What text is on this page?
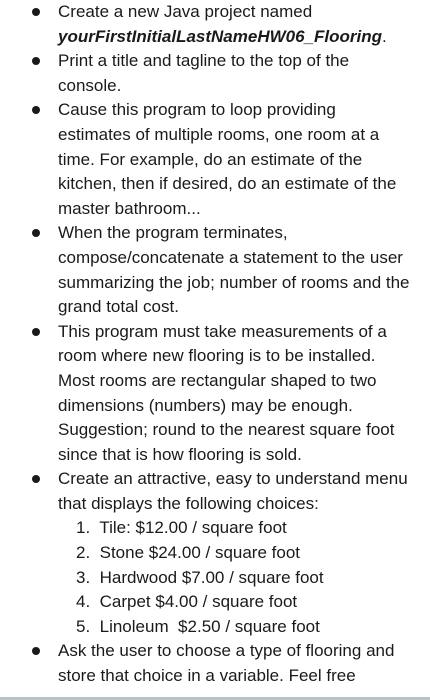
Create a new Java project named yourFirstInitialLastNameHW06_Flooring.
Print a title and tagline to the top of the console.
Cause this program to loop providing estimates of multiple rooms, one room at a time. For example, do an estimate of the kitchen, then if desired, do an estimate of the master bathroom...
When the program terminates, compose/concatenate a statement to the user summarizing the job; number of rooms and the grand total cost.
This program must take measurements of a room where new flooring is to be installed. Most rooms are rectangular shaped to two dimensions (numbers) may be enough. Suggestion; round to the nearest square foot since that is how flooring is sold.
Create an attractive, easy to understand menu that displays the following choices:
1.  Tile: $12.00 / square foot
2.  Stone $24.00 / square foot
3.  Hardwood $7.00 / square foot
4.  Carpet $4.00 / square foot
5.  Linoleum  $2.50 / square foot
Ask the user to choose a type of flooring and store that choice in a variable. Feel free
